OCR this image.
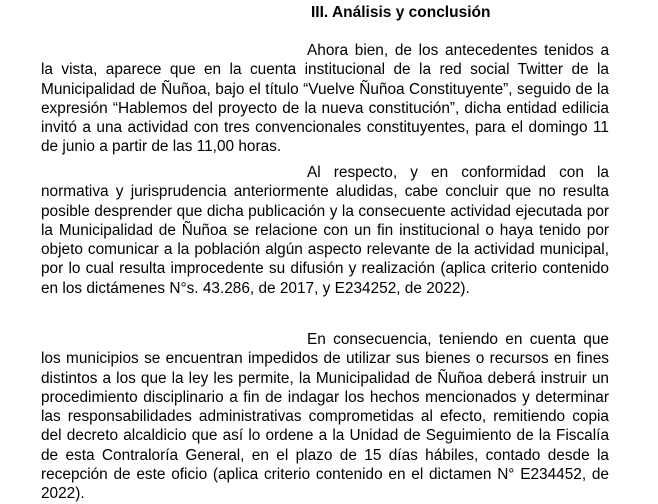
III. Análisis y conclusión

Ahora bien, de los antecedentes tenidos a la vista, aparece que en la cuenta institucional de la red social Twitter de la Municipalidad de Ñuñoa, bajo el título “Vuelve Ñuñoa Constituyente”, seguido de la expresión “Hablemos del proyecto de la nueva constitución”, dicha entidad edilicia invitó a una actividad con tres convencionales constituyentes, para el domingo 11 de junio a partir de las 11,00 horas.

Al respecto, y en conformidad con la normativa y jurisprudencia anteriormente aludidas, cabe concluir que no resulta posible desprender que dicha publicación y la consecuente actividad ejecutada por la Municipalidad de Ñuñoa se relacione con un fin institucional o haya tenido por objeto comunicar a la población algún aspecto relevante de la actividad municipal, por lo cual resulta improcedente su difusión y realización (aplica criterio contenido en los dictámenes N°s. 43.286, de 2017, y E234252, de 2022).

En consecuencia, teniendo en cuenta que los municipios se encuentran impedidos de utilizar sus bienes o recursos en fines distintos a los que la ley les permite, la Municipalidad de Ñuñoa deberá instruir un procedimiento disciplinario a fin de indagar los hechos mencionados y determinar las responsabilidades administrativas comprometidas al efecto, remitiendo copia del decreto alcaldicio que así lo ordene a la Unidad de Seguimiento de la Fiscalía de esta Contraloría General, en el plazo de 15 días hábiles, contado desde la recepción de este oficio (aplica criterio contenido en el dictamen N° E234452, de 2022).
